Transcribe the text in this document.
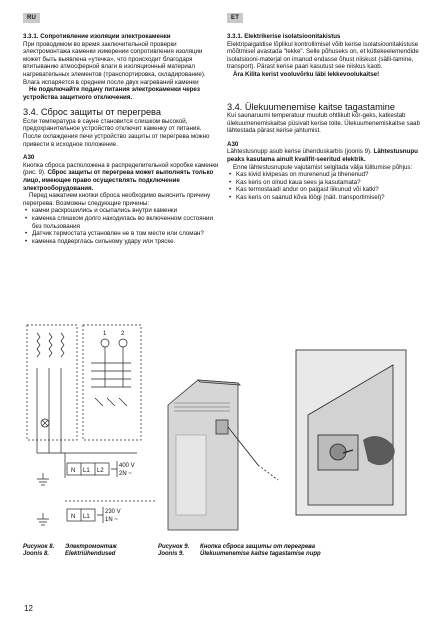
RU	ET

3.3.1. Сопротивление изоляции электрокаменки

При проводимом во время заключительной проверки электромонтажа каменки измерении сопротивления изоляции может быть выявлена «утечка», что происходит благодаря впитыванию атмосферной влаги в изоляционный материал нагревательных элементов (транспортировка, складирование). Влага испаряется в среднем после двух нагреваний каменки

Не подключайте подачу питания электрокаменки через устройства защитного отключения.

3.4. Сброс защиты от перегрева

Если температура в сауне становится слишком высокой, предохранительное устройство отключит каменку от питания. После охлаждения печи устройство защиты от перегрева можно привести в исходное положение.

A30

Кнопка сброса расположена в распределительной коробке каменки (рис. 9). Сброс защиты от перегрева может выполнять только лицо, имеющее право осуществлять подключение электрооборудования.

Перед нажатием кнопки сброса необходимо выяснить причину перегрева. Возможны следующие причины:

• камни раскрошились и осыпались внутри каменки
• каменка слишком долго находилась во включенном состоянии без пользования
• Датчик термостата установлен не в том месте или сломан?
• каменка подверглась сильному удару или тряске.

3.3.1. Elektrikerise isolatsioonitakistus

Elektripaigaldise lõplikul kontrollimisel võib kerise isolatsioonitakistuse mõõtmisel avastada "lekke". Selle põhuseks on, et küttekeelemendide isolatsiooni-materjal on imanud endasse õhust niiskust (sälli-tamine, transport). Pärast kerise paari kasutust see niiskus kaob.

Ära Kilita kerist vooluvõrku läbi lekkevoolukaitse!

3.4. Ülekuumenemise kaitse tagastamine

Kui saunaruumi temperatuur muutub ohtlikult kõr-geks, katkestab ülekuumenemiskaitse püsivalt kerise toite. Ülekuumenemiskaitse saab lähtestada pärast kerise jahtumist.

A30

Lähtestusnupp asub kerise ühenduskarbis (joonis 9). Lähtestusnupu peaks kasutama ainult kvalifit-seeritud elektrik.

Enne lähtestusnupule vajutamist selgitada välja lülitumise põhjus:

• Kas kivid kivipesas on murenenud ja tihenenud?
• Kas keris on olnud kaua sees ja kasutamata?
• Kas termostaadi andur on paigast liikunud või katki?
• Kas keris on saanud kõva löögi (näit. transportimisel)?
1 2
N L1 L2
400 V
2N ~
N L1
230 V
1N ~
Рисунок 8. Электромонтаж
Joonis 8.	Elektriühendused
Рисунок 9. Кнопка сброса защиты от перегрева
Joonis 9.	Ülekuumenemise kaitse tagastamise nupp
12
